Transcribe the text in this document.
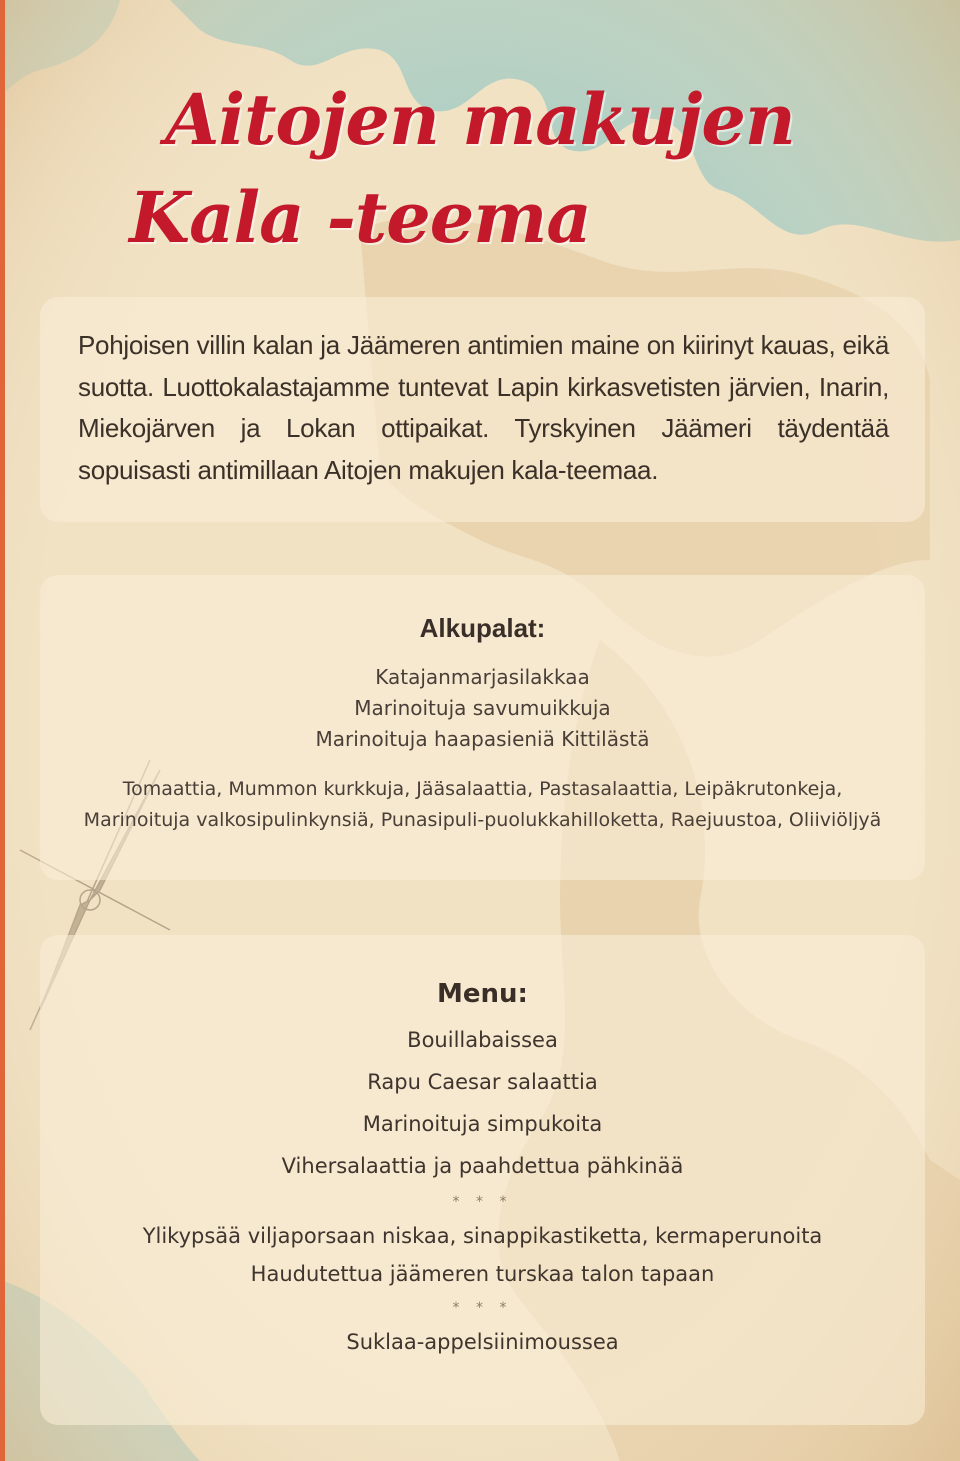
Aitojen makujen
Kala -teema

Pohjoisen villin kalan ja Jäämeren antimien maine on kiirinyt kauas, eikä suotta. Luottokalastajamme tuntevat Lapin kirkasvetisten järvien, Inarin, Miekojärven ja Lokan ottipaikat. Tyrskyinen Jäämeri täydentää sopuisasti antimillaan Aitojen makujen kala-teemaa.

Alkupalat:
Katajanmarjasilakkaa
Marinoituja savumuikkuja
Marinoituja haapasieniä Kittilästä
Tomaattia, Mummon kurkkuja, Jääsalaattia, Pastasalaattia, Leipäkrutonkeja,
Marinoituja valkosipulinkynsiä, Punasipuli-puolukkahilloketta, Raejuustoa, Oliiviöljyä
Menu:
Bouillabaissea
Rapu Caesar salaattia
Marinoituja simpukoita
Vihersalaattia ja paahdettua pähkinää
* * *
Ylikypsää viljaporsaan niskaa, sinappikastiketta, kermaperunoita
Haudutettua jäämeren turskaa talon tapaan
* * *
Suklaa-appelsiinimoussea
